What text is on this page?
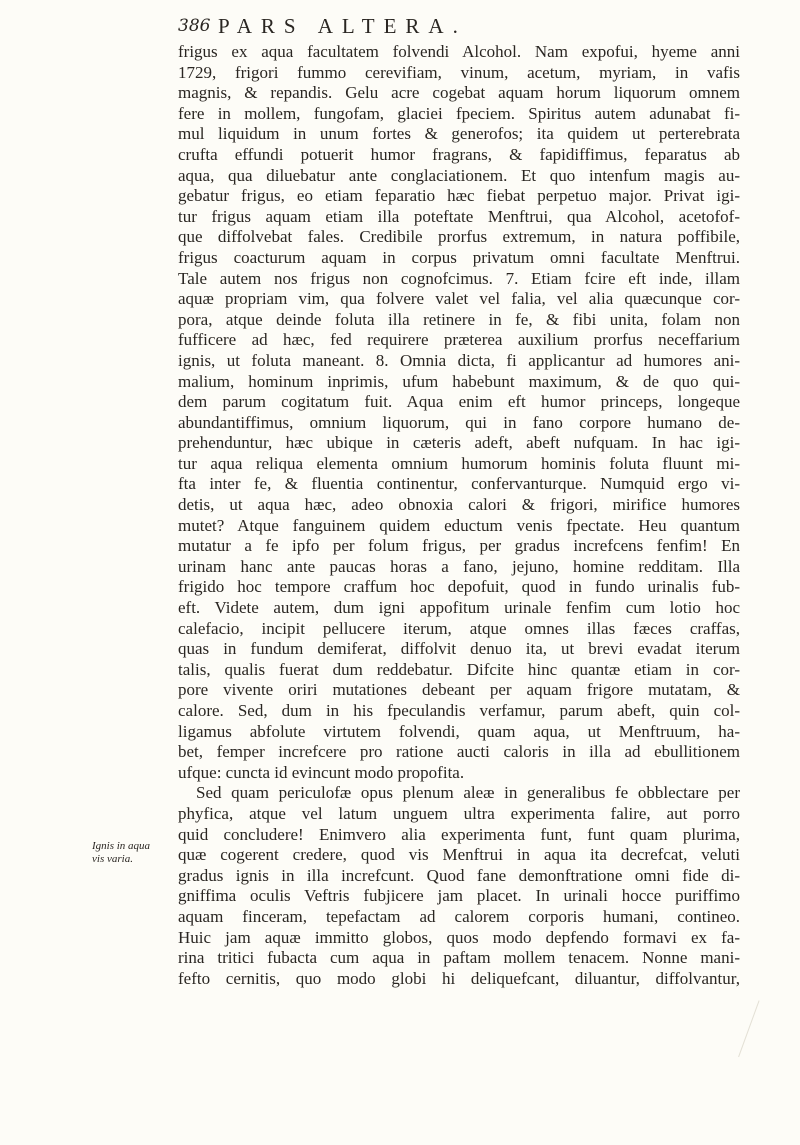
386 PARS ALTERA.
Ignis in aqua
vis varia.
frigus ex aqua facultatem folvendi Alcohol. Nam expofui, hyeme anni
1729, frigori fummo cerevifiam, vinum, acetum, myriam, in vafis
magnis, & repandis. Gelu acre cogebat aquam horum liquorum omnem
fere in mollem, fungofam, glaciei fpeciem. Spiritus autem adunabat fi-
mul liquidum in unum fortes & generofos; ita quidem ut perterebrata
crufta effundi potuerit humor fragrans, & fapidiffimus, feparatus ab
aqua, qua diluebatur ante conglaciationem. Et quo intenfum magis au-
gebatur frigus, eo etiam feparatio hæc fiebat perpetuo major. Privat igi-
tur frigus aquam etiam illa poteftate Menftrui, qua Alcohol, acetofof-
que diffolvebat fales. Credibile prorfus extremum, in natura poffibile,
frigus coacturum aquam in corpus privatum omni facultate Menftrui.
Tale autem nos frigus non cognofcimus. 7. Etiam fcire eft inde, illam
aquæ propriam vim, qua folvere valet vel falia, vel alia quæcunque cor-
pora, atque deinde foluta illa retinere in fe, & fibi unita, folam non
fufficere ad hæc, fed requirere præterea auxilium prorfus neceffarium
ignis, ut foluta maneant. 8. Omnia dicta, fi applicantur ad humores ani-
malium, hominum inprimis, ufum habebunt maximum, & de quo qui-
dem parum cogitatum fuit. Aqua enim eft humor princeps, longeque
abundantiffimus, omnium liquorum, qui in fano corpore humano de-
prehenduntur, hæc ubique in cæteris adeft, abeft nufquam. In hac igi-
tur aqua reliqua elementa omnium humorum hominis foluta fluunt mi-
fta inter fe, & fluentia continentur, confervanturque. Numquid ergo vi-
detis, ut aqua hæc, adeo obnoxia calori & frigori, mirifice humores
mutet? Atque fanguinem quidem eductum venis fpectate. Heu quantum
mutatur a fe ipfo per folum frigus, per gradus increfcens fenfim! En
urinam hanc ante paucas horas a fano, jejuno, homine redditam. Illa
frigido hoc tempore craffum hoc depofuit, quod in fundo urinalis fub-
eft. Videte autem, dum igni appofitum urinale fenfim cum lotio hoc
calefacio, incipit pellucere iterum, atque omnes illas fæces craffas,
quas in fundum demiferat, diffolvit denuo ita, ut brevi evadat iterum
talis, qualis fuerat dum reddebatur. Difcite hinc quantæ etiam in cor-
pore vivente oriri mutationes debeant per aquam frigore mutatam, &
calore. Sed, dum in his fpeculandis verfamur, parum abeft, quin col-
ligamus abfolute virtutem folvendi, quam aqua, ut Menftruum, ha-
bet, femper increfcere pro ratione aucti caloris in illa ad ebullitionem
ufque: cuncta id evincunt modo propofita.
Sed quam periculofæ opus plenum aleæ in generalibus fe obblectare per
phyfica, atque vel latum unguem ultra experimenta falire, aut porro
quid concludere! Enimvero alia experimenta funt, funt quam plurima,
quæ cogerent credere, quod vis Menftrui in aqua ita decrefcat, veluti
gradus ignis in illa increfcunt. Quod fane demonftratione omni fide di-
gniffima oculis Veftris fubjicere jam placet. In urinali hocce puriffimo
aquam finceram, tepefactam ad calorem corporis humani, contineo.
Huic jam aquæ immitto globos, quos modo depfendo formavi ex fa-
rina tritici fubacta cum aqua in paftam mollem tenacem. Nonne mani-
fefto cernitis, quo modo globi hi deliquefcant, diluantur, diffolvantur,
